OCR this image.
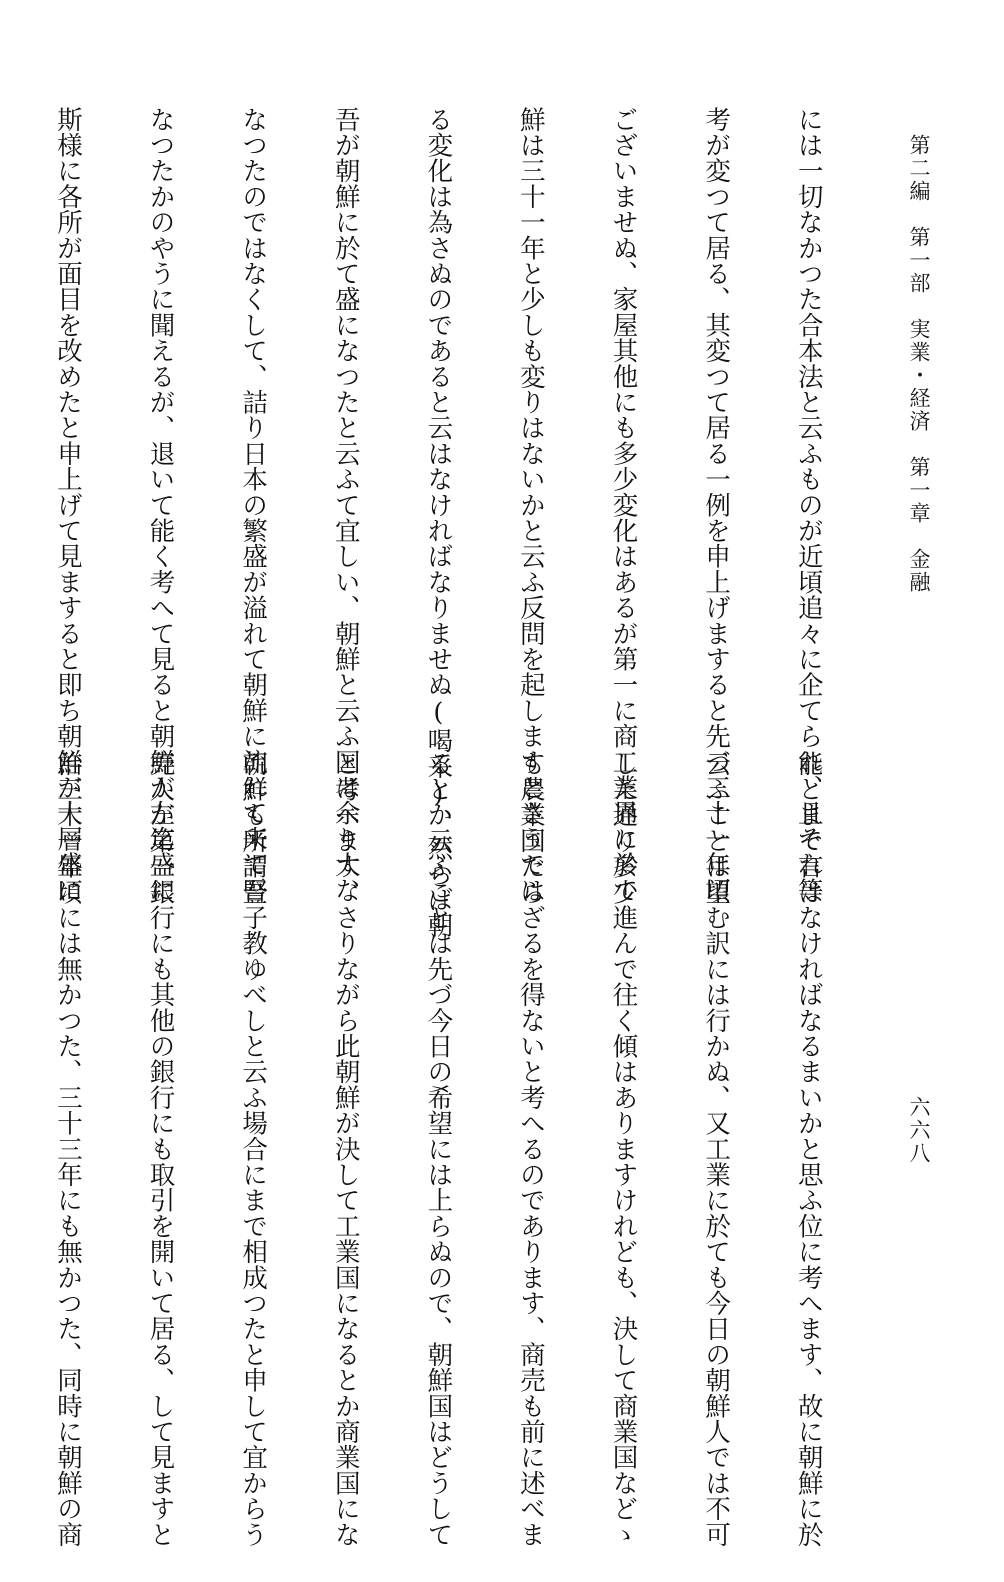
第二編　第一部　実業・経済　第一章　金融
六六八

には一切なかつた合本法と云ふものが近頃追々に企てられ、且それ等

考が変つて居る、其変つて居る一例を申上げますると先づ三十一年頃

ございませぬ、家屋其他にも多少変化はあるが第一に商工業界に於て

鮮は三十一年と少しも変りはないかと云ふ反問を起しますとさうでは

る変化は為さぬのであると云はなければなりませぬ(喝采)、然らば朝

吾が朝鮮に於て盛になつたと云ふて宜しい、朝鮮と云ふ国は余り大な

なつたのではなくして、詰り日本の繁盛が溢れて朝鮮に流れて来て吾

なつたかのやうに聞えるが、退いて能く考へて見ると朝鮮が左迄盛に

斯様に各所が面目を改めたと申上げて見ますると即ち朝鮮が大層盛に

能とまで言はなければなるまいかと思ふ位に考へます、故に朝鮮に於

云ふことは望む訳には行かぬ、又工業に於ても今日の朝鮮人では不可

した通り多少進んで往く傾はありますけれども、決して商業国などゝ

も農業国たらざるを得ないと考へるのであります、商売も前に述べま

るとか云ふことは先づ今日の希望には上らぬので、朝鮮国はどうして

と考へます、さりながら此朝鮮が決して工業国になるとか商業国にな

朝鮮も所謂豎子教ゆべしと云ふ場合にまで相成つたと申して宜からう

売人が第一銀行にも其他の銀行にも取引を開いて居る、して見ますと

治三十一年頃には無かつた、三十三年にも無かつた、同時に朝鮮の商
